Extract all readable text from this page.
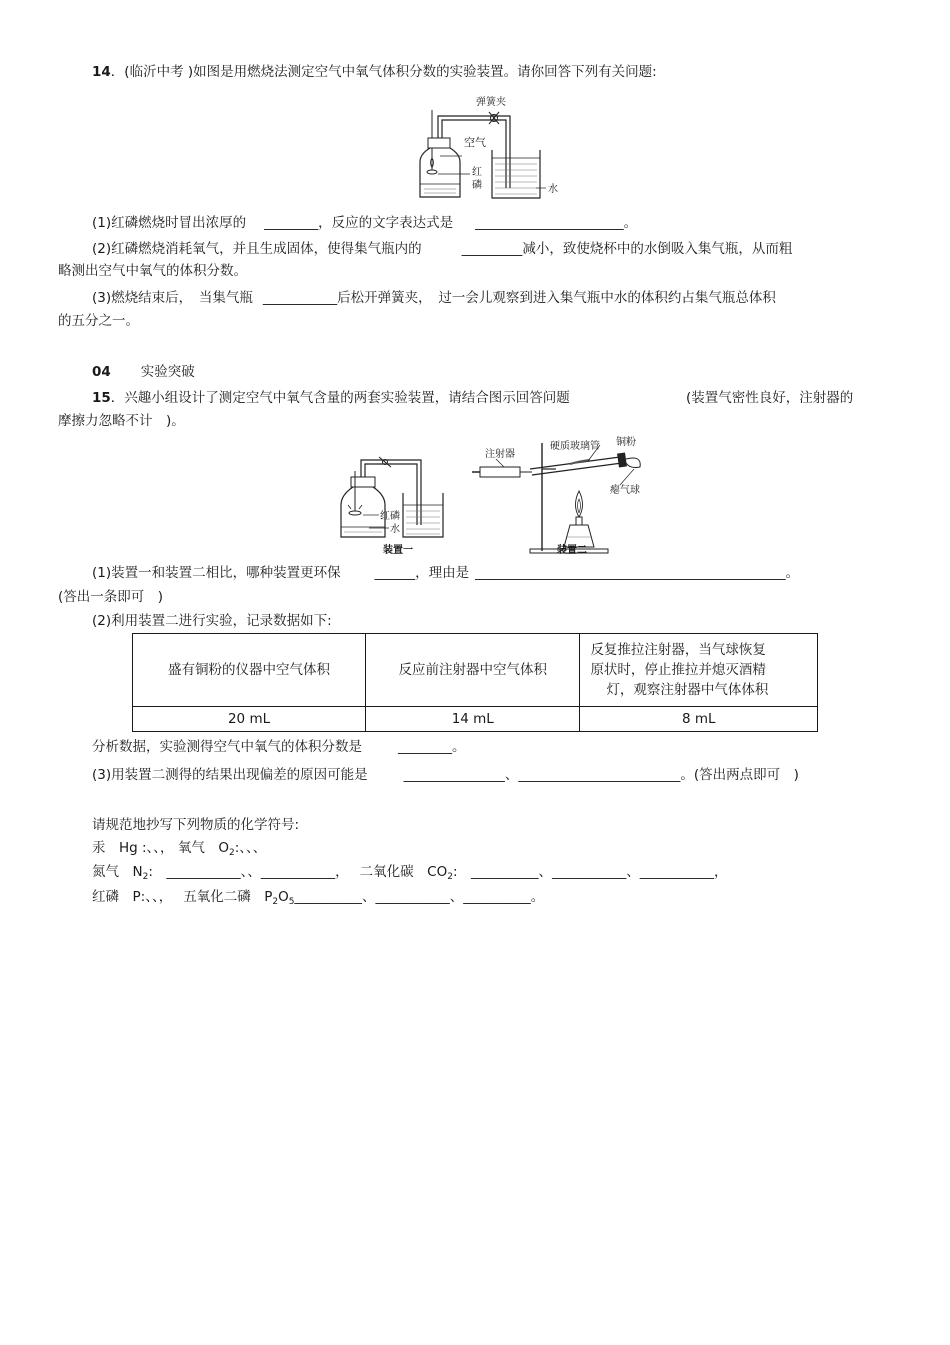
14．(临沂中考 )如图是用燃烧法测定空气中氧气体积分数的实验装置。请你回答下列有关问题:
弹簧夹
空气
红
磷	水
(1)红磷燃烧时冒出浓厚的 ________，反应的文字表达式是 ______________________。
(2)红磷燃烧消耗氧气，并且生成固体，使得集气瓶内的	_________减小，致使烧杯中的水倒吸入集气瓶，从而粗
略测出空气中氧气的体积分数。
(3)燃烧结束后，　当集气瓶 ___________后松开弹簧夹，　过一会儿观察到进入集气瓶中水的体积约占集气瓶总体积
的五分之一。
04 实验突破
15．兴趣小组设计了测定空气中氧气含量的两套实验装置，请结合图示回答问题	(装置气密性良好，注射器的
摩擦力忽略不计　)。
红磷
水
装置一
注射器
硬质玻璃管 铜粉
瘪气球
装置二
(1)装置一和装置二相比，哪种装置更环保	______，理由是 ______________________________________________。
(答出一条即可　)
(2)利用装置二进行实验，记录数据如下:
盛有铜粉的仪器中空气体积	反应前注射器中空气体积	反复推拉注射器，当气球恢复
原状时，停止推拉并熄灭酒精
灯，观察注射器中气体体积

20 mL	14 mL	8 mL
分析数据，实验测得空气中氧气的体积分数是	________。
(3)用装置二测得的结果出现偏差的原因可能是	_______________、________________________。(答出两点即可　)
请规范地抄写下列物质的化学符号:
汞　Hg :、、， 氧气　$O_2$:、、、
氮气　$N_2$:　___________、、___________，　 二氧化碳　$CO_2$:　__________、___________、___________，
红磷　P:、、，　 五氧化二磷　$P_2O_5\_\_\_\_\_\_\_\_\_\_$、___________、__________。
